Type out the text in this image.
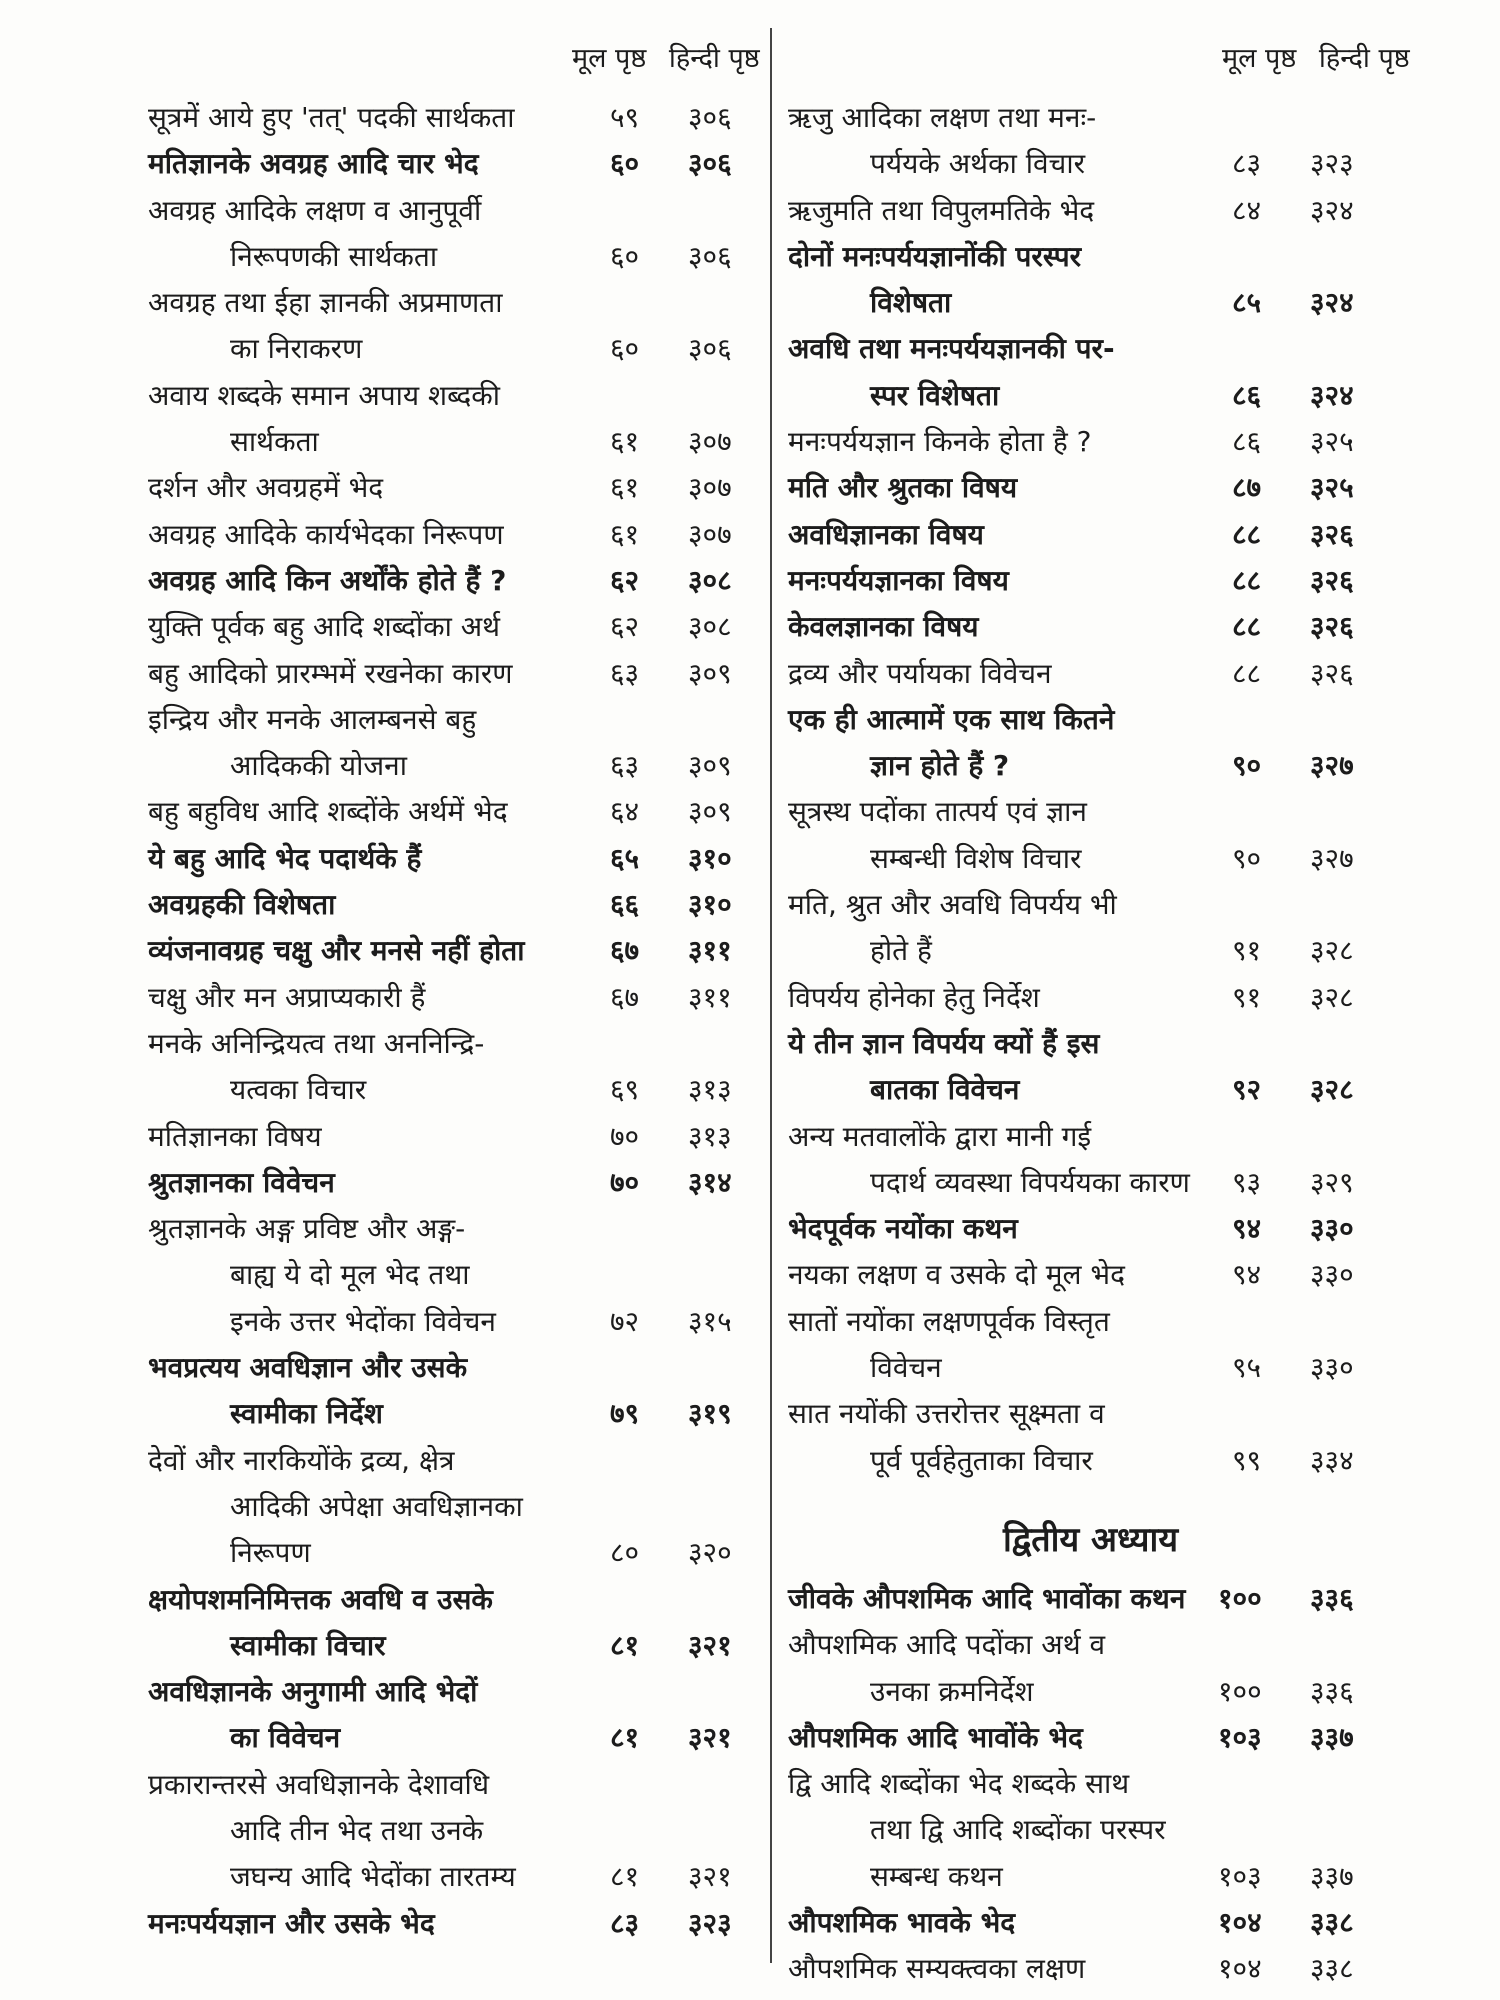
मूल पृष्ठ हिन्दी पृष्ठ	मूल पृष्ठ हिन्दी पृष्ठ
सूत्रमें आये हुए 'तत्' पदकी सार्थकता	५९ ३०६
मतिज्ञानके अवग्रह आदि चार भेद	६० ३०६
अवग्रह आदिके लक्षण व आनुपूर्वी
निरूपणकी सार्थकता	६० ३०६
अवग्रह तथा ईहा ज्ञानकी अप्रमाणता
का निराकरण	६० ३०६
अवाय शब्दके समान अपाय शब्दकी
सार्थकता	६१ ३०७
दर्शन और अवग्रहमें भेद	६१ ३०७
अवग्रह आदिके कार्यभेदका निरूपण	६१ ३०७
अवग्रह आदि किन अर्थोंके होते हैं ?	६२ ३०८
युक्ति पूर्वक बहु आदि शब्दोंका अर्थ	६२ ३०८
बहु आदिको प्रारम्भमें रखनेका कारण	६३ ३०९
इन्द्रिय और मनके आलम्बनसे बहु
आदिककी योजना	६३ ३०९
बहु बहुविध आदि शब्दोंके अर्थमें भेद	६४ ३०९
ये बहु आदि भेद पदार्थके हैं	६५ ३१०
अवग्रहकी विशेषता	६६ ३१०
व्यंजनावग्रह चक्षु और मनसे नहीं होता	६७ ३११
चक्षु और मन अप्राप्यकारी हैं	६७ ३११
मनके अनिन्द्रियत्व तथा अननिन्द्रि-
यत्वका विचार	६९ ३१३
मतिज्ञानका विषय	७० ३१३
श्रुतज्ञानका विवेचन	७० ३१४
श्रुतज्ञानके अङ्ग प्रविष्ट और अङ्ग-
बाह्य ये दो मूल भेद तथा
इनके उत्तर भेदोंका विवेचन	७२ ३१५
भवप्रत्यय अवधिज्ञान और उसके
स्वामीका निर्देश	७९ ३१९
देवों और नारकियोंके द्रव्य, क्षेत्र
आदिकी अपेक्षा अवधिज्ञानका
निरूपण	८० ३२०
क्षयोपशमनिमित्तक अवधि व उसके
स्वामीका विचार	८१ ३२१
अवधिज्ञानके अनुगामी आदि भेदों
का विवेचन	८१ ३२१
प्रकारान्तरसे अवधिज्ञानके देशावधि
आदि तीन भेद तथा उनके
जघन्य आदि भेदोंका तारतम्य	८१ ३२१
मनःपर्ययज्ञान और उसके भेद	८३ ३२३
ऋजु आदिका लक्षण तथा मनः-
पर्ययके अर्थका विचार	८३ ३२३
ऋजुमति तथा विपुलमतिके भेद	८४ ३२४
दोनों मनःपर्ययज्ञानोंकी परस्पर
विशेषता	८५ ३२४
अवधि तथा मनःपर्ययज्ञानकी पर-
स्पर विशेषता	८६ ३२४
मनःपर्ययज्ञान किनके होता है ?	८६ ३२५
मति और श्रुतका विषय	८७ ३२५
अवधिज्ञानका विषय	८८ ३२६
मनःपर्ययज्ञानका विषय	८८ ३२६
केवलज्ञानका विषय	८८ ३२६
द्रव्य और पर्यायका विवेचन	८८ ३२६
एक ही आत्मामें एक साथ कितने
ज्ञान होते हैं ?	९० ३२७
सूत्रस्थ पदोंका तात्पर्य एवं ज्ञान
सम्बन्धी विशेष विचार	९० ३२७
मति, श्रुत और अवधि विपर्यय भी
होते हैं	९१ ३२८
विपर्यय होनेका हेतु निर्देश	९१ ३२८
ये तीन ज्ञान विपर्यय क्यों हैं इस
बातका विवेचन	९२ ३२८
अन्य मतवालोंके द्वारा मानी गई
पदार्थ व्यवस्था विपर्ययका कारण ९३ ३२९
भेदपूर्वक नयोंका कथन	९४ ३३०
नयका लक्षण व उसके दो मूल भेद	९४ ३३०
सातों नयोंका लक्षणपूर्वक विस्तृत
विवेचन	९५ ३३०
सात नयोंकी उत्तरोत्तर सूक्ष्मता व
पूर्व पूर्वहेतुताका विचार	९९ ३३४
द्वितीय अध्याय
जीवके औपशमिक आदि भावोंका कथन १०० ३३६
औपशमिक आदि पदोंका अर्थ व
उनका क्रमनिर्देश	१०० ३३६
औपशमिक आदि भावोंके भेद	१०३ ३३७
द्वि आदि शब्दोंका भेद शब्दके साथ
तथा द्वि आदि शब्दोंका परस्पर
सम्बन्ध कथन	१०३ ३३७
औपशमिक भावके भेद	१०४ ३३८
औपशमिक सम्यक्त्वका लक्षण	१०४ ३३८
